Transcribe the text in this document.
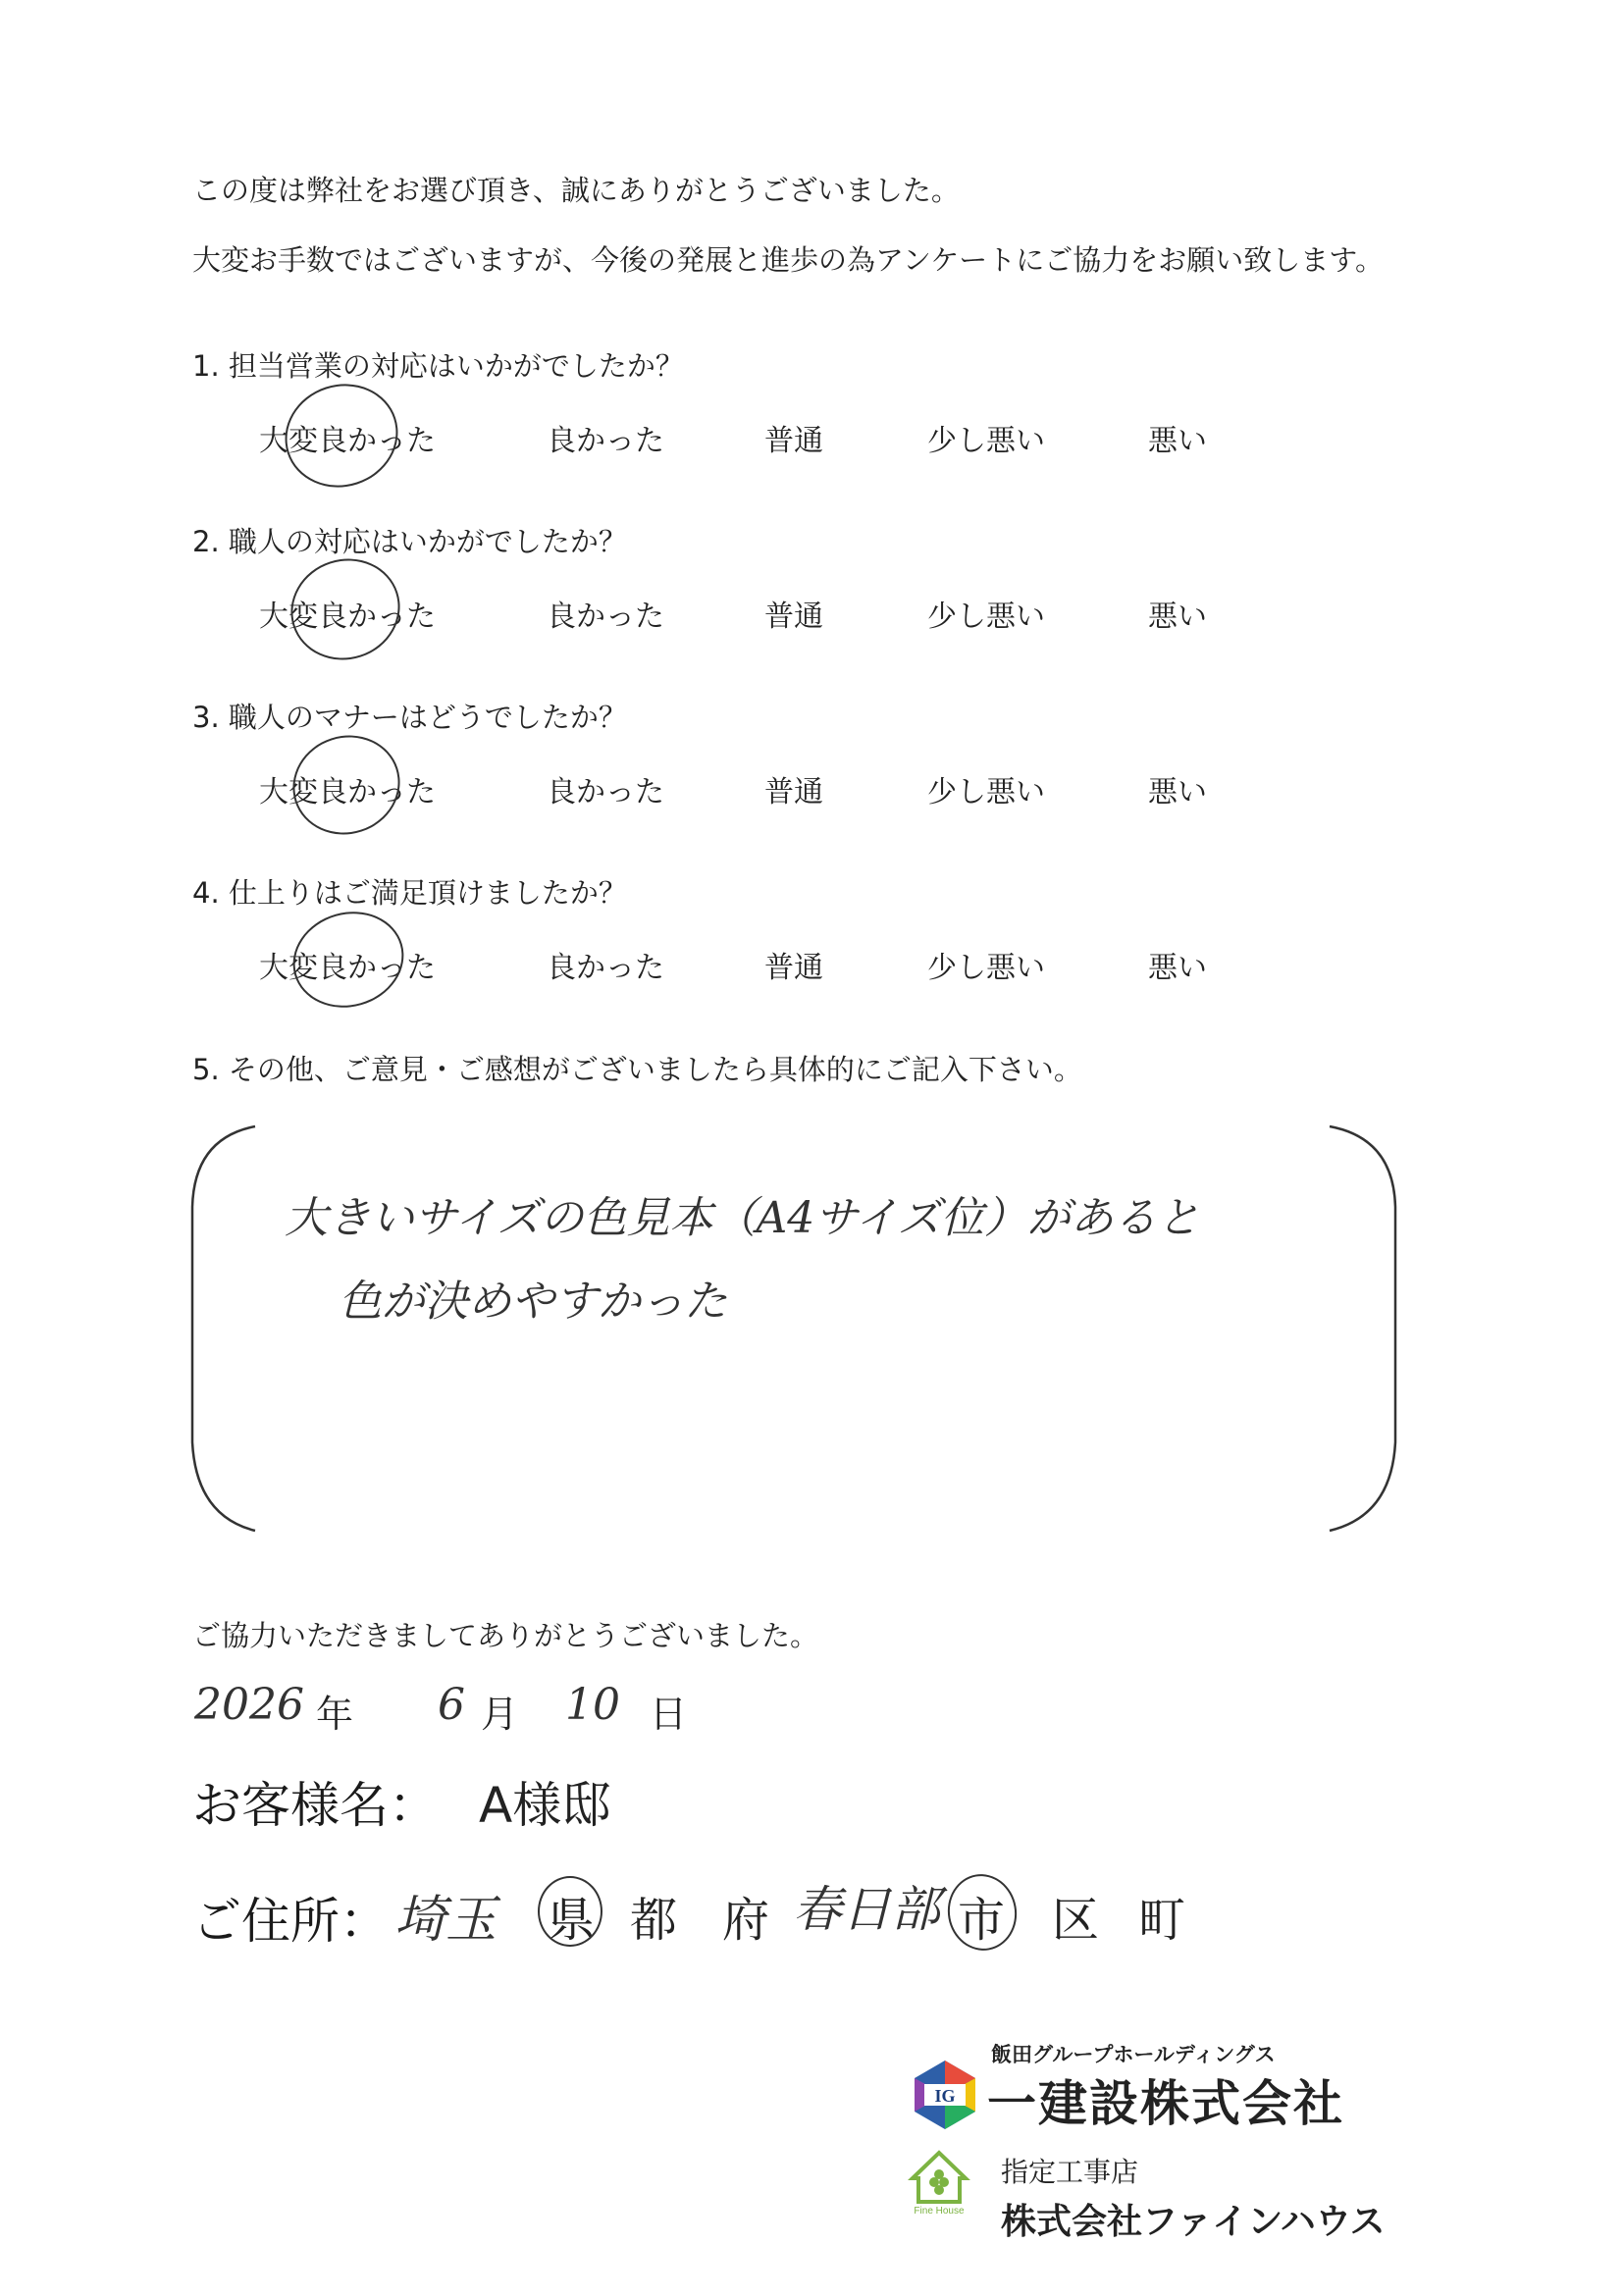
この度は弊社をお選び頂き、誠にありがとうございました。
大変お手数ではございますが、今後の発展と進歩の為アンケートにご協力をお願い致します。
1. 担当営業の対応はいかがでしたか？
大変良かった	良かった	普通	少し悪い	悪い
2. 職人の対応はいかがでしたか？
大変良かった	良かった	普通	少し悪い	悪い
3. 職人のマナーはどうでしたか？
大変良かった	良かった	普通	少し悪い	悪い
4. 仕上りはご満足頂けましたか？
大変良かった	良かった	普通	少し悪い	悪い
5. その他、ご意見・ご感想がございましたら具体的にご記入下さい。
大きいサイズの色見本（A4サイズ位）があると
色が決めやすかった
ご協力いただきましてありがとうございました。
2026 年 6 月 10 日
お客様名： A様邸
ご住所： 埼玉 県 都 府 春日部 市 区 町
飯田グループホールディングス
IG 一建設株式会社
Fine House
指定工事店
株式会社ファインハウス
